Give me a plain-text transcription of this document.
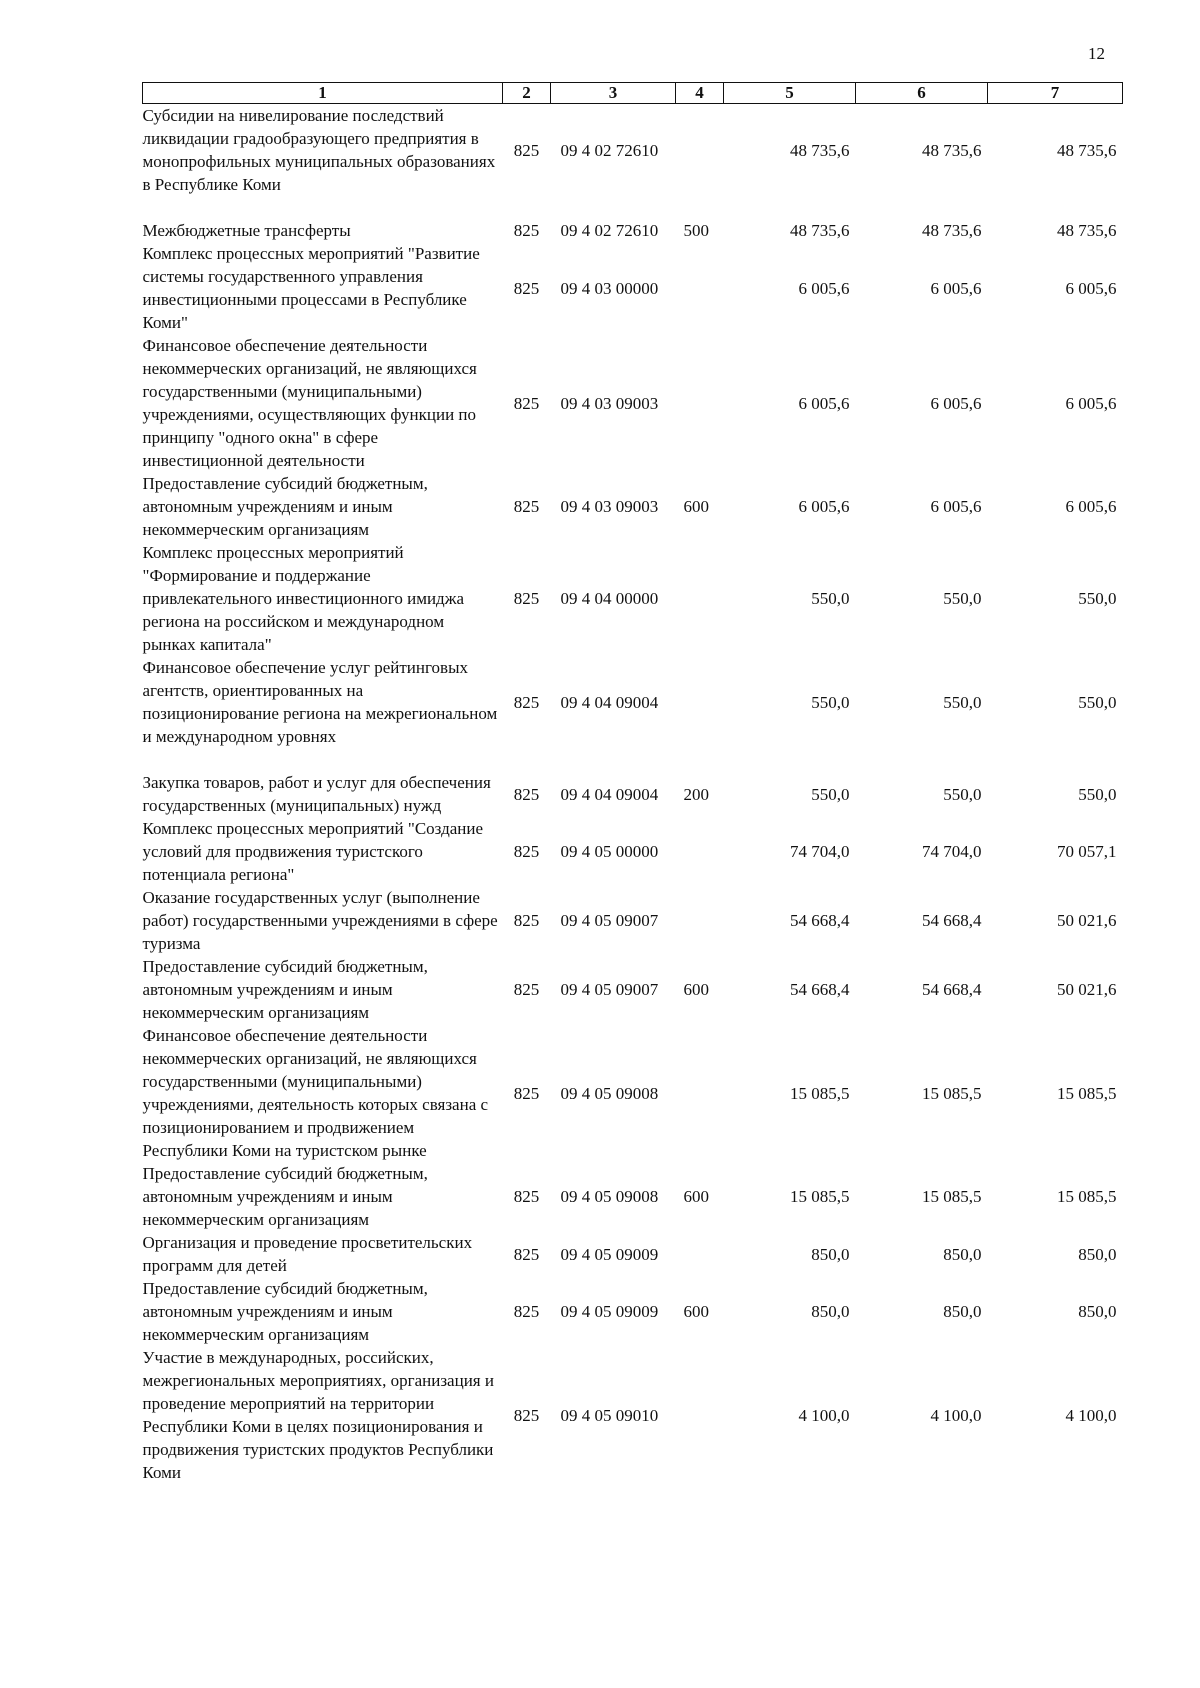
12
1	2	3	4	5	6	7
Субсидии на нивелирование последствий ликвидации градообразующего предприятия в монопрофильных муниципальных образованиях в Республике Коми	825	09 4 02 72610		48 735,6	48 735,6	48 735,6
Межбюджетные трансферты	825	09 4 02 72610	500	48 735,6	48 735,6	48 735,6
Комплекс процессных мероприятий "Развитие системы государственного управления инвестиционными процессами в Республике Коми"	825	09 4 03 00000		6 005,6	6 005,6	6 005,6
Финансовое обеспечение деятельности некоммерческих организаций, не являющихся государственными (муниципальными) учреждениями, осуществляющих функции по принципу "одного окна" в сфере инвестиционной деятельности	825	09 4 03 09003		6 005,6	6 005,6	6 005,6
Предоставление субсидий бюджетным, автономным учреждениям и иным некоммерческим организациям	825	09 4 03 09003	600	6 005,6	6 005,6	6 005,6
Комплекс процессных мероприятий "Формирование и поддержание привлекательного инвестиционного имиджа региона на российском и международном рынках капитала"	825	09 4 04 00000		550,0	550,0	550,0
Финансовое обеспечение услуг рейтинговых агентств, ориентированных на позиционирование региона на межрегиональном и международном уровнях	825	09 4 04 09004		550,0	550,0	550,0
Закупка товаров, работ и услуг для обеспечения государственных (муниципальных) нужд	825	09 4 04 09004	200	550,0	550,0	550,0
Комплекс процессных мероприятий "Создание условий для продвижения туристского потенциала региона"	825	09 4 05 00000		74 704,0	74 704,0	70 057,1
Оказание государственных услуг (выполнение работ) государственными учреждениями в сфере туризма	825	09 4 05 09007		54 668,4	54 668,4	50 021,6
Предоставление субсидий бюджетным, автономным учреждениям и иным некоммерческим организациям	825	09 4 05 09007	600	54 668,4	54 668,4	50 021,6
Финансовое обеспечение деятельности некоммерческих организаций, не являющихся государственными (муниципальными) учреждениями, деятельность которых связана с позиционированием и продвижением Республики Коми на туристском рынке	825	09 4 05 09008		15 085,5	15 085,5	15 085,5
Предоставление субсидий бюджетным, автономным учреждениям и иным некоммерческим организациям	825	09 4 05 09008	600	15 085,5	15 085,5	15 085,5
Организация и проведение просветительских программ для детей	825	09 4 05 09009		850,0	850,0	850,0
Предоставление субсидий бюджетным, автономным учреждениям и иным некоммерческим организациям	825	09 4 05 09009	600	850,0	850,0	850,0
Участие в международных, российских, межрегиональных мероприятиях, организация и проведение мероприятий на территории Республики Коми в целях позиционирования и продвижения туристских продуктов Республики Коми	825	09 4 05 09010		4 100,0	4 100,0	4 100,0
